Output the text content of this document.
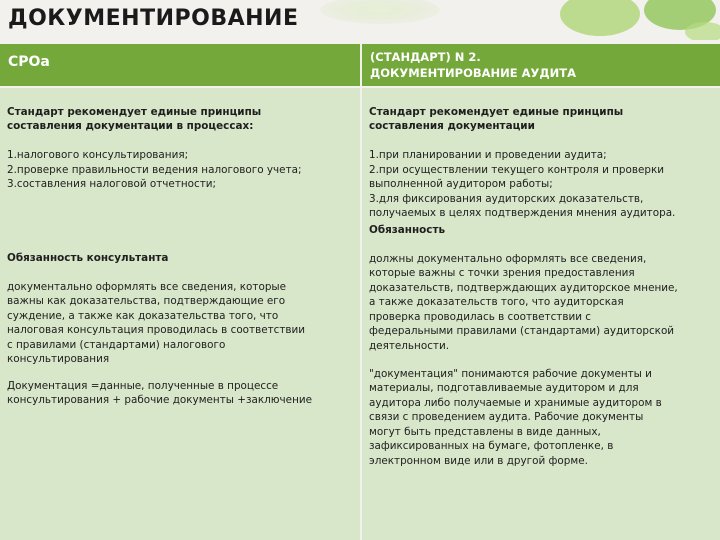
ДОКУМЕНТИРОВАНИЕ
СРОа	(СТАНДАРТ) N 2.
ДОКУМЕНТИРОВАНИЕ АУДИТА

Стандарт рекомендует единые принципы
составления документации в процессах:

1.налогового консультирования;
2.проверке правильности ведения налогового учета;
3.составления налоговой отчетности;

Обязанность консультанта

документально оформлять все сведения, которые
важны как доказательства, подтверждающие его
суждение, а также как доказательства того, что
налоговая консультация проводилась в соответствии
с правилами (стандартами) налогового
консультирования

Документация =данные, полученные в процессе
консультирования + рабочие документы +заключение

Стандарт рекомендует единые принципы
составления документации

1.при планировании и проведении аудита;
2.при осуществлении текущего контроля и проверки
выполненной аудитором работы;
3.для фиксирования аудиторских доказательств,
получаемых в целях подтверждения мнения аудитора.

Обязанность

должны документально оформлять все сведения,
которые важны с точки зрения предоставления
доказательств, подтверждающих аудиторское мнение,
а также доказательств того, что аудиторская
проверка проводилась в соответствии с
федеральными правилами (стандартами) аудиторской
деятельности.

"документация" понимаются рабочие документы и
материалы, подготавливаемые аудитором и для
аудитора либо получаемые и хранимые аудитором в
связи с проведением аудита. Рабочие документы
могут быть представлены в виде данных,
зафиксированных на бумаге, фотопленке, в
электронном виде или в другой форме.
